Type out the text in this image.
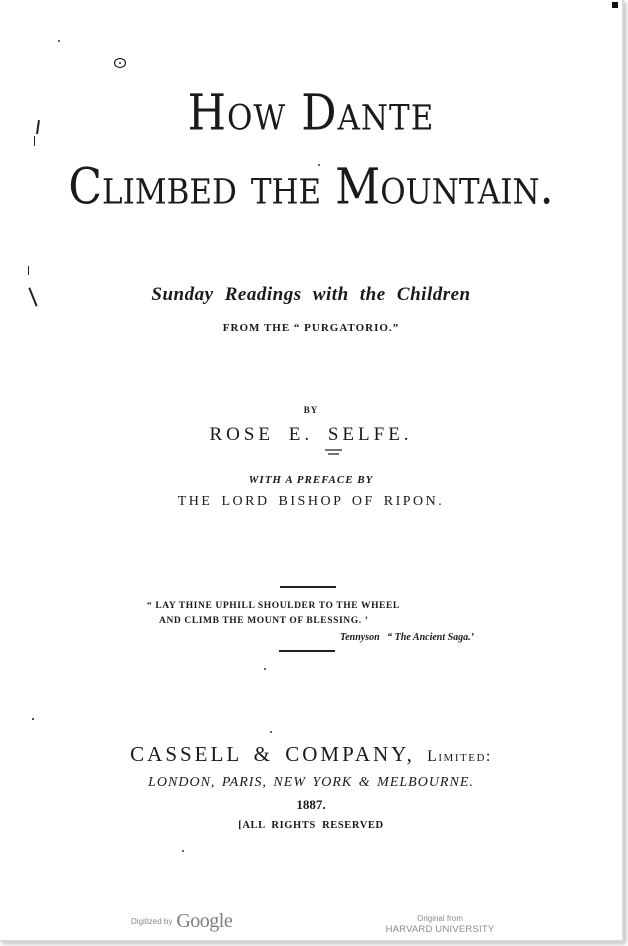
How Dante
Climbed the Mountain.
Sunday Readings with the Children
FROM THE “ PURGATORIO.”
BY
ROSE E. SELFE.
WITH A PREFACE BY
THE LORD BISHOP OF RIPON.
“ LAY THINE UPHILL SHOULDER TO THE WHEEL
AND CLIMB THE MOUNT OF BLESSING. ’
Tennyson “ The Ancient Saga.’
CASSELL & COMPANY, Limited:
LONDON, PARIS, NEW YORK & MELBOURNE.
1887.
[ALL RIGHTS RESERVED
Digitized by Google	Original from
HARVARD UNIVERSITY
